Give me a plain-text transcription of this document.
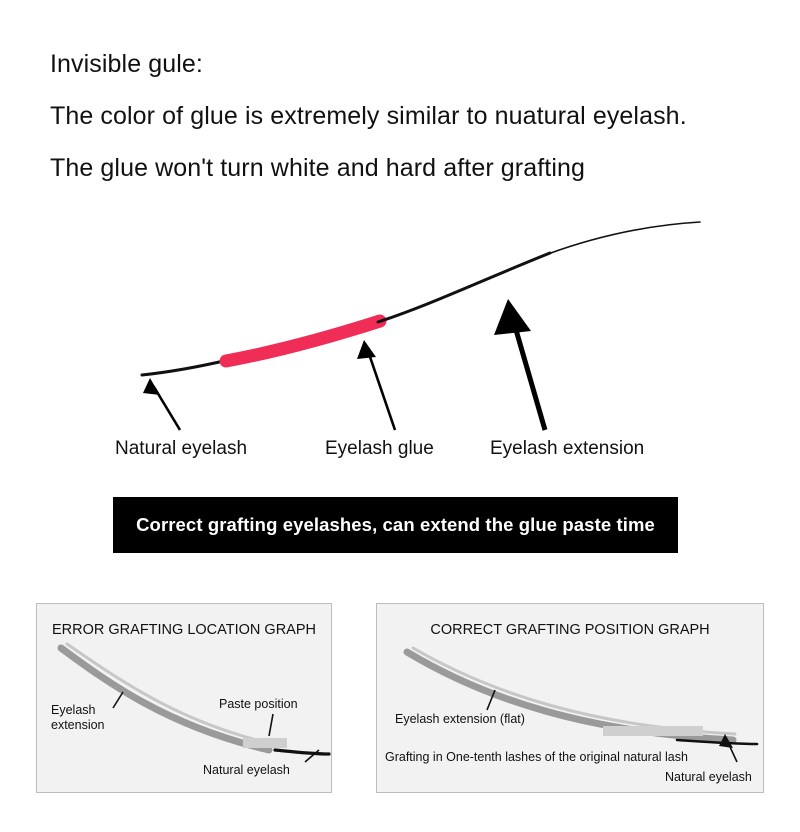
Invisible gule:
The color of glue is extremely similar to nuatural eyelash.
The glue won't turn white and hard after grafting
Natural eyelash	Eyelash glue	Eyelash extension
Correct grafting eyelashes, can extend the glue paste time
ERROR GRAFTING LOCATION GRAPH
Eyelash extension
Paste position
Natural eyelash
CORRECT GRAFTING POSITION GRAPH
Eyelash extension (flat)
Grafting in One-tenth lashes of the original natural lash
Natural eyelash
